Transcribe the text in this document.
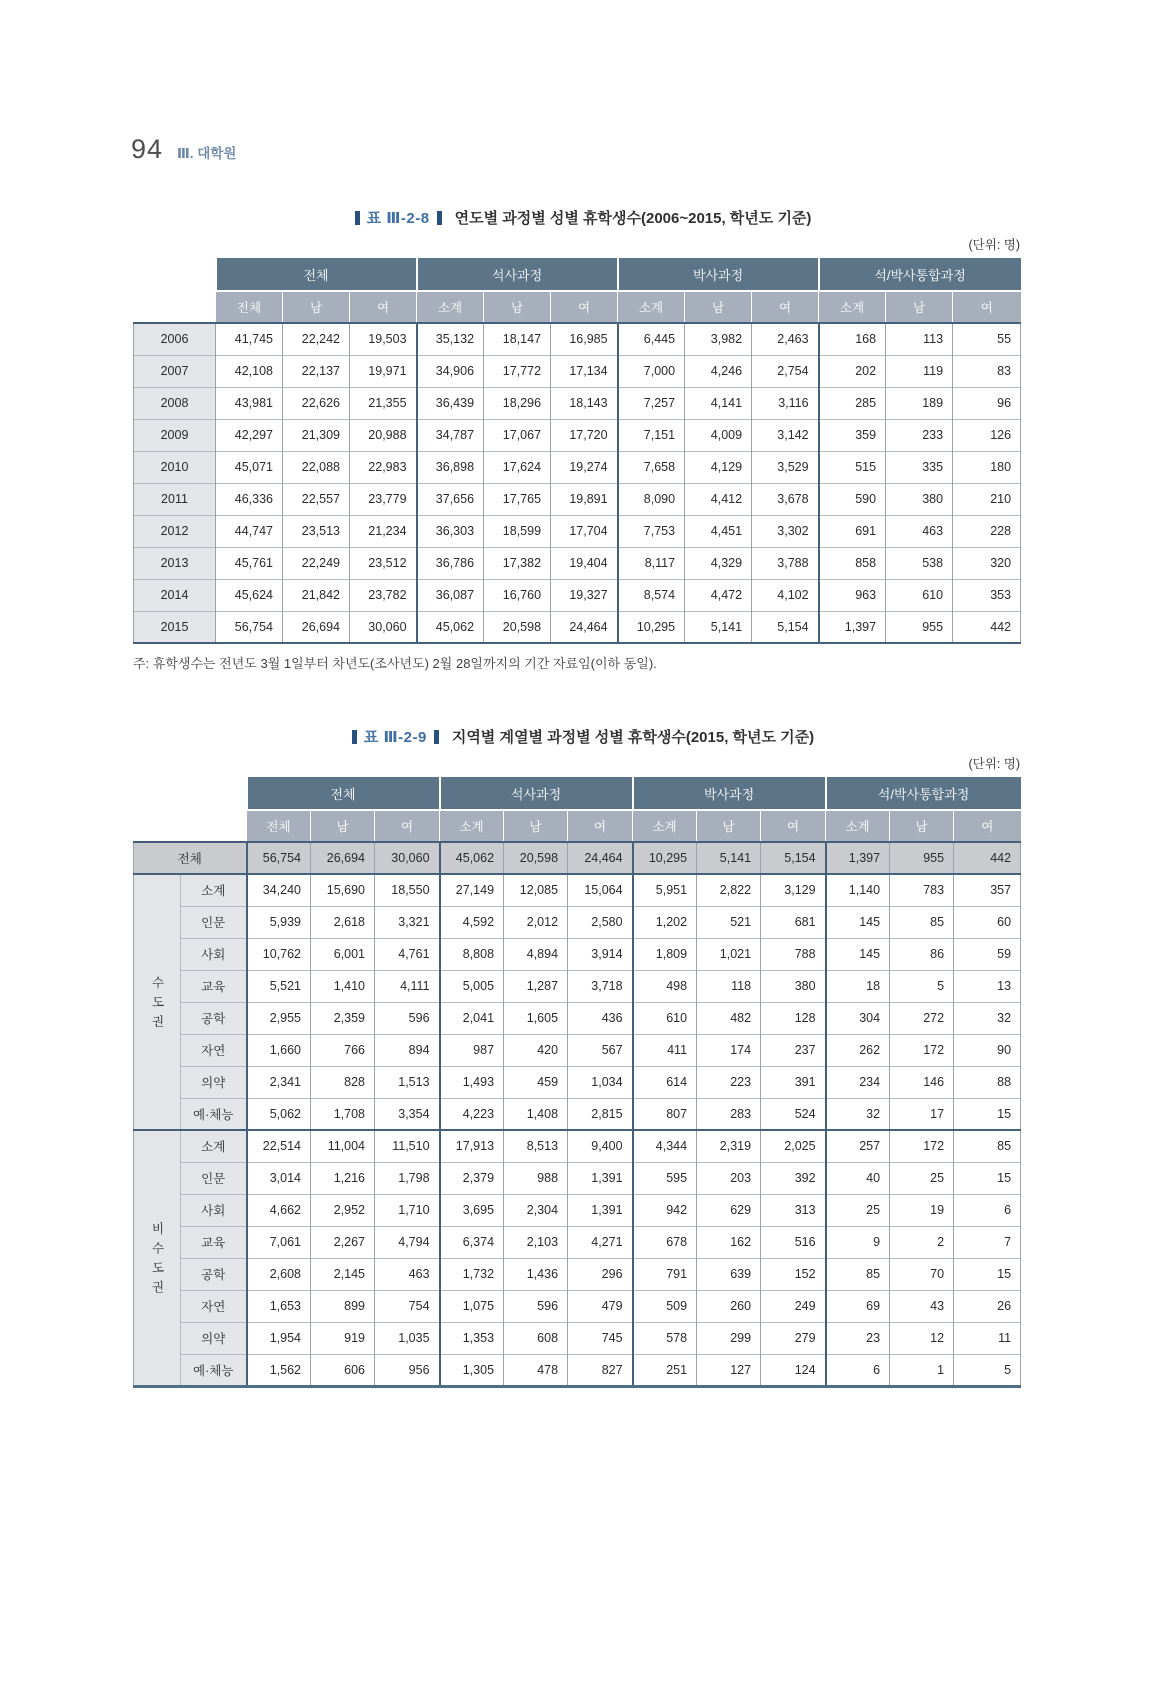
94 Ⅲ. 대학원
표 Ⅲ-2-8 연도별 과정별 성별 휴학생수(2006~2015, 학년도 기준)
(단위: 명)
	전체			석사과정			박사과정			석/박사통합과정		
	전체	남	여	소계	남	여	소계	남	여	소계	남	여
2006	41,745	22,242	19,503	35,132	18,147	16,985	6,445	3,982	2,463	168	113	55
2007	42,108	22,137	19,971	34,906	17,772	17,134	7,000	4,246	2,754	202	119	83
2008	43,981	22,626	21,355	36,439	18,296	18,143	7,257	4,141	3,116	285	189	96
2009	42,297	21,309	20,988	34,787	17,067	17,720	7,151	4,009	3,142	359	233	126
2010	45,071	22,088	22,983	36,898	17,624	19,274	7,658	4,129	3,529	515	335	180
2011	46,336	22,557	23,779	37,656	17,765	19,891	8,090	4,412	3,678	590	380	210
2012	44,747	23,513	21,234	36,303	18,599	17,704	7,753	4,451	3,302	691	463	228
2013	45,761	22,249	23,512	36,786	17,382	19,404	8,117	4,329	3,788	858	538	320
2014	45,624	21,842	23,782	36,087	16,760	19,327	8,574	4,472	4,102	963	610	353
2015	56,754	26,694	30,060	45,062	20,598	24,464	10,295	5,141	5,154	1,397	955	442
주: 휴학생수는 전년도 3월 1일부터 차년도(조사년도) 2월 28일까지의 기간 자료임(이하 동일).
표 Ⅲ-2-9 지역별 계열별 과정별 성별 휴학생수(2015, 학년도 기준)
(단위: 명)
		전체			석사과정			박사과정			석/박사통합과정		
		전체	남	여	소계	남	여	소계	남	여	소계	남	여
전체		56,754	26,694	30,060	45,062	20,598	24,464	10,295	5,141	5,154	1,397	955	442
수도권	소계	34,240	15,690	18,550	27,149	12,085	15,064	5,951	2,822	3,129	1,140	783	357
	인문	5,939	2,618	3,321	4,592	2,012	2,580	1,202	521	681	145	85	60
	사회	10,762	6,001	4,761	8,808	4,894	3,914	1,809	1,021	788	145	86	59
	교육	5,521	1,410	4,111	5,005	1,287	3,718	498	118	380	18	5	13
	공학	2,955	2,359	596	2,041	1,605	436	610	482	128	304	272	32
	자연	1,660	766	894	987	420	567	411	174	237	262	172	90
	의약	2,341	828	1,513	1,493	459	1,034	614	223	391	234	146	88
	예·체능	5,062	1,708	3,354	4,223	1,408	2,815	807	283	524	32	17	15
비수도권	소계	22,514	11,004	11,510	17,913	8,513	9,400	4,344	2,319	2,025	257	172	85
	인문	3,014	1,216	1,798	2,379	988	1,391	595	203	392	40	25	15
	사회	4,662	2,952	1,710	3,695	2,304	1,391	942	629	313	25	19	6
	교육	7,061	2,267	4,794	6,374	2,103	4,271	678	162	516	9	2	7
	공학	2,608	2,145	463	1,732	1,436	296	791	639	152	85	70	15
	자연	1,653	899	754	1,075	596	479	509	260	249	69	43	26
	의약	1,954	919	1,035	1,353	608	745	578	299	279	23	12	11
	예·체능	1,562	606	956	1,305	478	827	251	127	124	6	1	5
